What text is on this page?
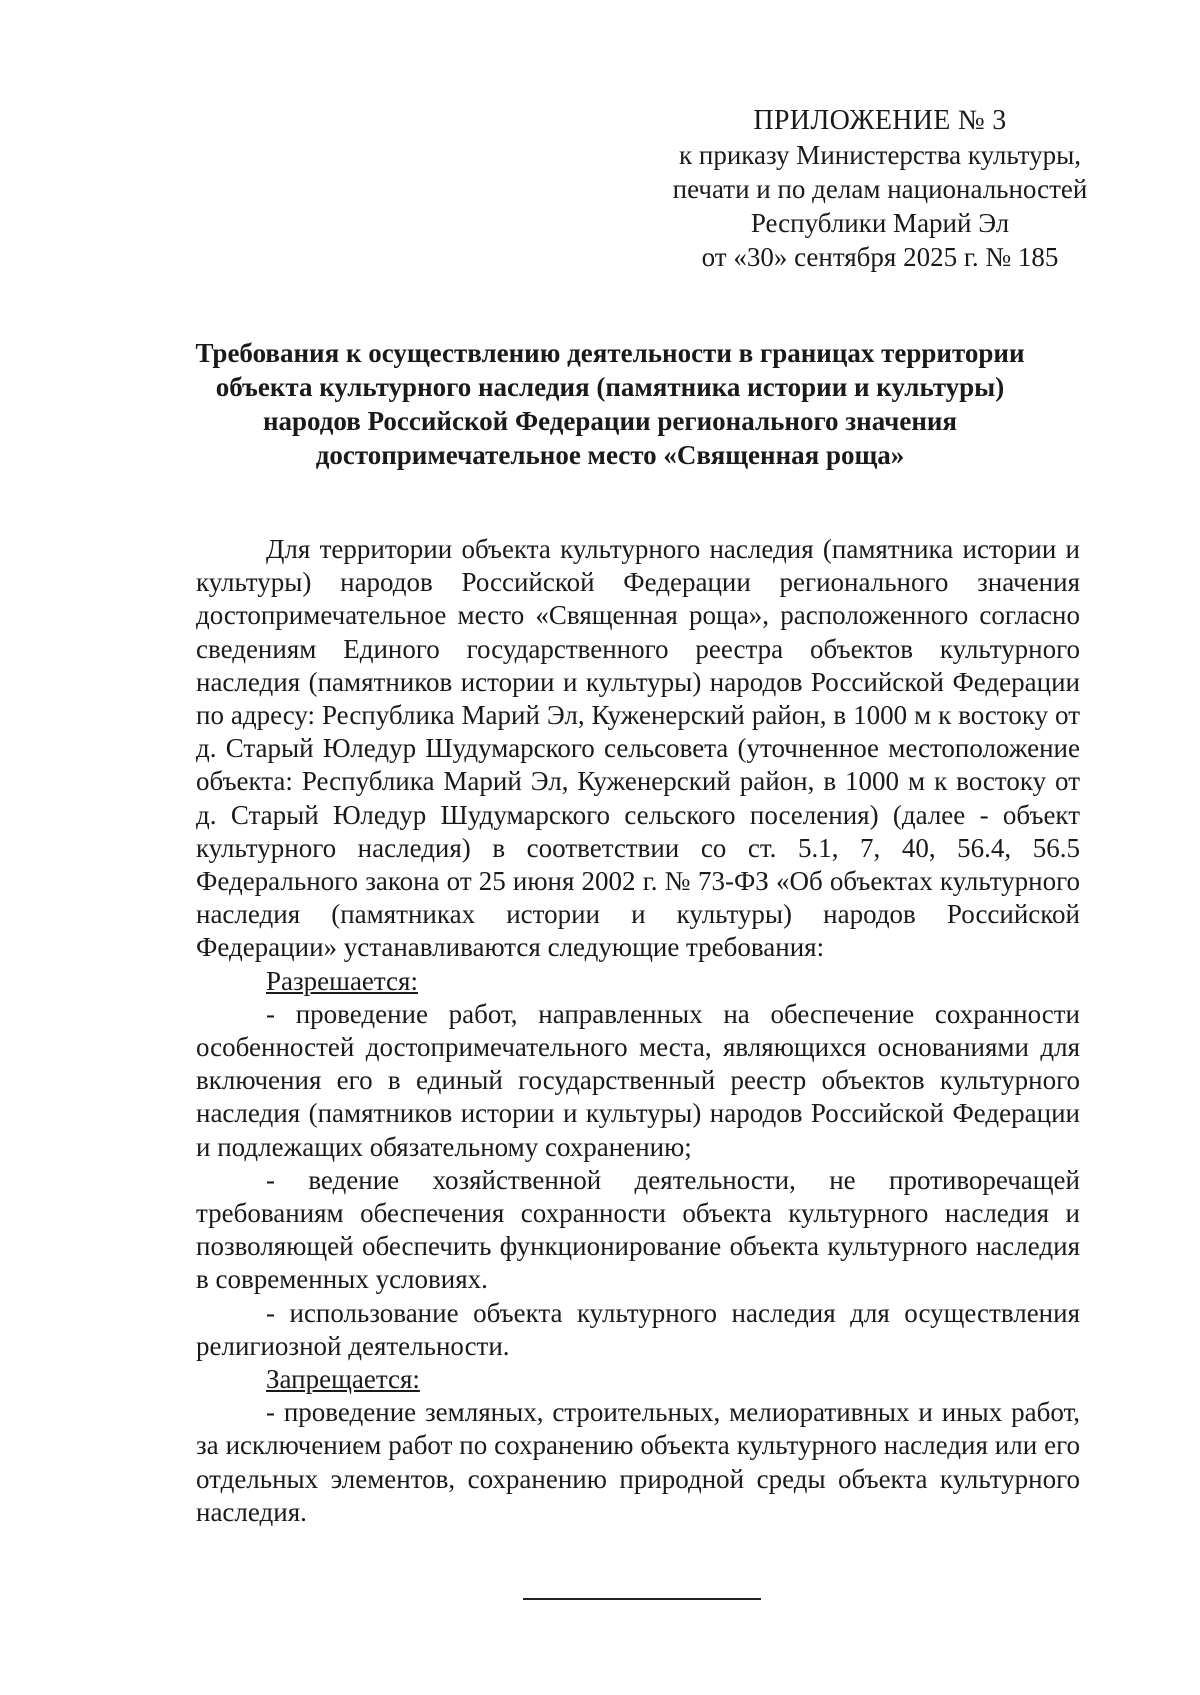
ПРИЛОЖЕНИЕ № 3
к приказу Министерства культуры,
печати и по делам национальностей
Республики Марий Эл
от «30» сентября 2025 г. № 185
Требования к осуществлению деятельности в границах территории
объекта культурного наследия (памятника истории и культуры)
народов Российской Федерации регионального значения
достопримечательное место «Священная роща»

Для территории объекта культурного наследия (памятника истории и культуры) народов Российской Федерации регионального значения достопримечательное место «Священная роща», расположенного согласно сведениям Единого государственного реестра объектов культурного наследия (памятников истории и культуры) народов Российской Федерации по адресу: Республика Марий Эл, Куженерский район, в 1000 м к востоку от д. Старый Юледур Шудумарского сельсовета (уточненное местоположение объекта: Республика Марий Эл, Куженерский район, в 1000 м к востоку от д. Старый Юледур Шудумарского сельского поселения) (далее - объект культурного наследия) в соответствии со ст. 5.1, 7, 40, 56.4, 56.5 Федерального закона от 25 июня 2002 г. № 73-ФЗ «Об объектах культурного наследия (памятниках истории и культуры) народов Российской Федерации» устанавливаются следующие требования:

Разрешается:

- проведение работ, направленных на обеспечение сохранности особенностей достопримечательного места, являющихся основаниями для включения его в единый государственный реестр объектов культурного наследия (памятников истории и культуры) народов Российской Федерации и подлежащих обязательному сохранению;

- ведение хозяйственной деятельности, не противоречащей требованиям обеспечения сохранности объекта культурного наследия и позволяющей обеспечить функционирование объекта культурного наследия в современных условиях.

- использование объекта культурного наследия для осуществления религиозной деятельности.

Запрещается:

- проведение земляных, строительных, мелиоративных и иных работ, за исключением работ по сохранению объекта культурного наследия или его отдельных элементов, сохранению природной среды объекта культурного наследия.
